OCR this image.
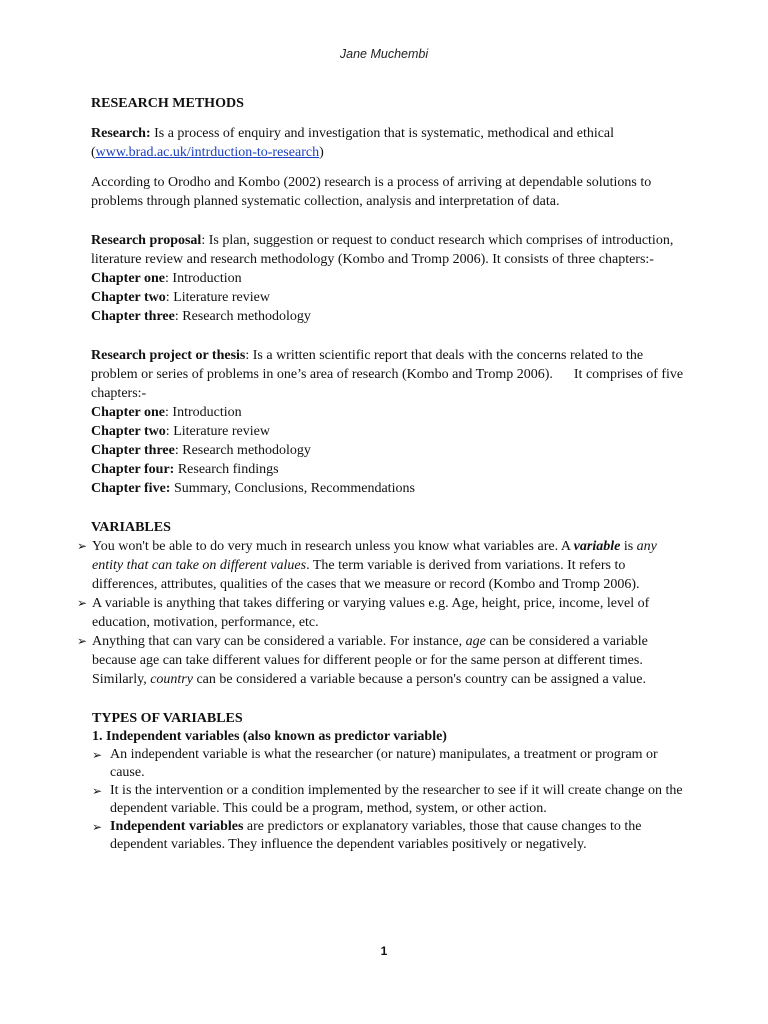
Jane Muchembi

RESEARCH METHODS

Research: Is a process of enquiry and investigation that is systematic, methodical and ethical (www.brad.ac.uk/intrduction-to-research)

According to Orodho and Kombo (2002) research is a process of arriving at dependable solutions to problems through planned systematic collection, analysis and interpretation of data.

Research proposal: Is plan, suggestion or request to conduct research which comprises of introduction, literature review and research methodology (Kombo and Tromp 2006). It consists of three chapters:-

Chapter one: Introduction
Chapter two: Literature review
Chapter three: Research methodology

Research project or thesis: Is a written scientific report that deals with the concerns related to the problem or series of problems in one’s area of research (Kombo and Tromp 2006).      It comprises of five chapters:-

Chapter one: Introduction
Chapter two: Literature review
Chapter three: Research methodology
Chapter four: Research findings
Chapter five: Summary, Conclusions, Recommendations

VARIABLES

➢ You won't be able to do very much in research unless you know what variables are. A variable is any entity that can take on different values. The term variable is derived from variations. It refers to differences, attributes, qualities of the cases that we measure or record (Kombo and Tromp 2006).
➢ A variable is anything that takes differing or varying values e.g. Age, height, price, income, level of education, motivation, performance, etc.
➢ Anything that can vary can be considered a variable. For instance, age can be considered a variable because age can take different values for different people or for the same person at different times. Similarly, country can be considered a variable because a person's country can be assigned a value.

TYPES OF VARIABLES

1. Independent variables (also known as predictor variable)

➢ An independent variable is what the researcher (or nature) manipulates, a treatment or program or cause.
➢ It is the intervention or a condition implemented by the researcher to see if it will create change on the dependent variable. This could be a program, method, system, or other action.
➢ Independent variables are predictors or explanatory variables, those that cause changes to the dependent variables. They influence the dependent variables positively or negatively.
1
